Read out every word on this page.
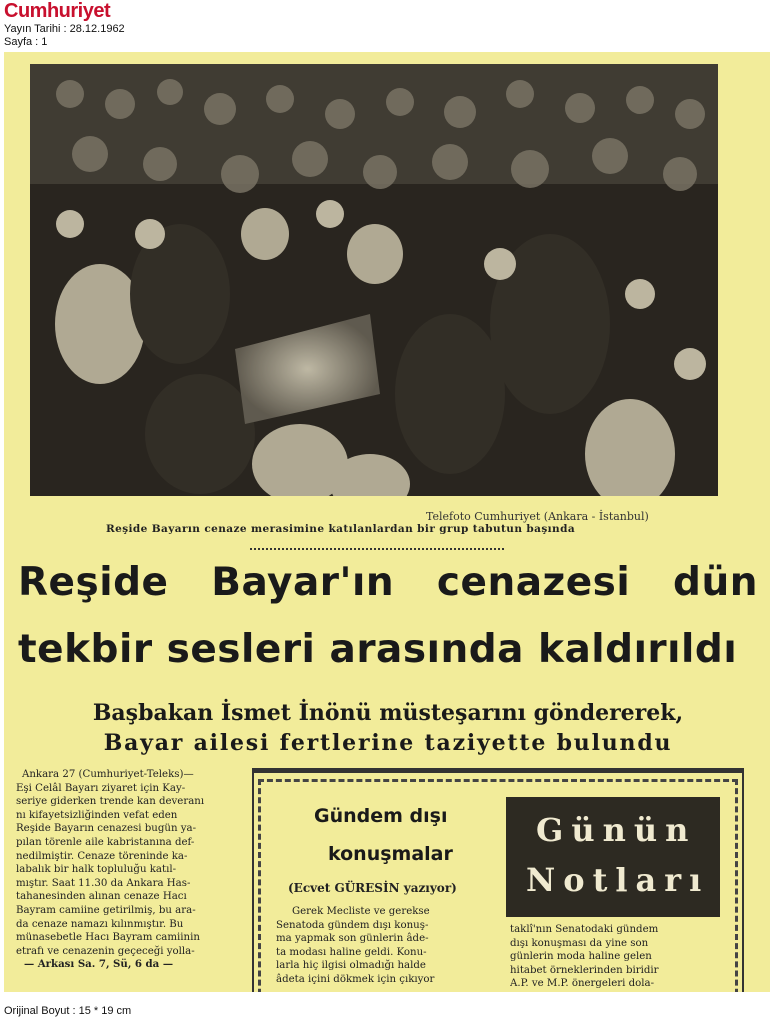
Cumhuriyet
Yayın Tarihi : 28.12.1962
Sayfa : 1
Telefoto Cumhuriyet (Ankara - İstanbul)
Reşide Bayarın cenaze merasimine katılanlardan bir grup tabutun başında
Reşide Bayar'ın cenazesi dün
tekbir sesleri arasında kaldırıldı
Başbakan İsmet İnönü müsteşarını göndererek,
Bayar ailesi fertlerine taziyette bulundu

Ankara 27 (Cumhuriyet-Teleks)—

Eşi Celâl Bayarı ziyaret için Kay-

seriye giderken trende kan deveranı

nı kifayetsizliğinden vefat eden

Reşide Bayarın cenazesi bugün ya-

pılan törenle aile kabristanına def-

nedilmiştir. Cenaze töreninde ka-

labalık bir halk topluluğu katıl-

mıştır. Saat 11.30 da Ankara Has-

tahanesinden alınan cenaze Hacı

Bayram camiine getirilmiş, bu ara-

da cenaze namazı kılınmıştır. Bu

münasebetle Hacı Bayram camiinin

etrafı ve cenazenin geçeceği yolla-

— Arkası Sa. 7, Sü, 6 da —

Gündem dışı
konuşmalar
(Ecvet GÜRESİN yazıyor)

Gerek Mecliste ve gerekse

Senatoda gündem dışı konuş-

ma yapmak son günlerin âde-

ta modası haline geldi. Konu-

larla hiç ilgisi olmadığı halde

âdeta içini dökmek için çıkıyor

Günün
Notları

taklî'nın Senatodaki gündem

dışı konuşması da yine son

günlerin moda haline gelen

hitabet örneklerinden biridir

A.P. ve M.P. önergeleri dola-

Orijinal Boyut : 15 * 19 cm
